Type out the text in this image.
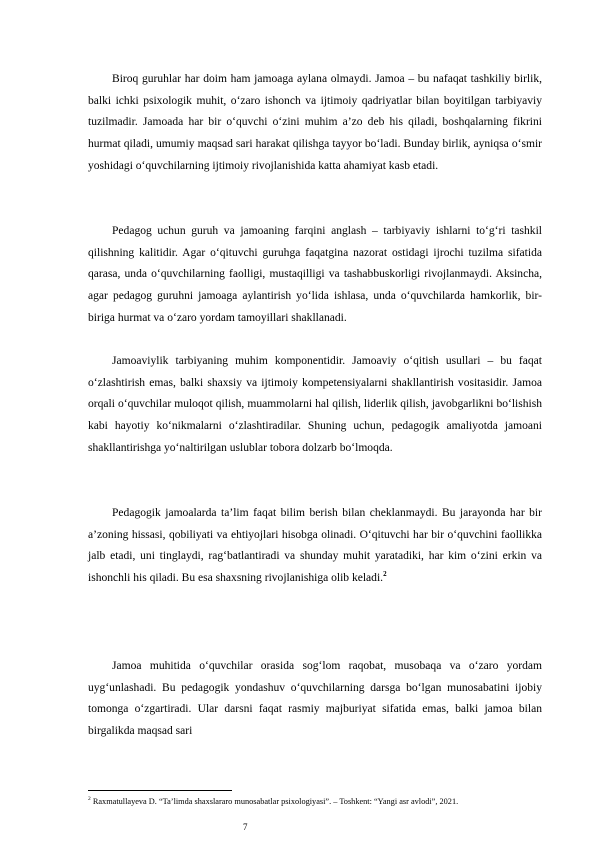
Biroq guruhlar har doim ham jamoaga aylana olmaydi. Jamoa – bu nafaqat tashkiliy birlik, balki ichki psixologik muhit, o‘zaro ishonch va ijtimoiy qadriyatlar bilan boyitilgan tarbiyaviy tuzilmadir. Jamoada har bir o‘quvchi o‘zini muhim a’zo deb his qiladi, boshqalarning fikrini hurmat qiladi, umumiy maqsad sari harakat qilishga tayyor bo‘ladi. Bunday birlik, ayniqsa o‘smir yoshidagi o‘quvchilarning ijtimoiy rivojlanishida katta ahamiyat kasb etadi.

Pedagog uchun guruh va jamoaning farqini anglash – tarbiyaviy ishlarni to‘g‘ri tashkil qilishning kalitidir. Agar o‘qituvchi guruhga faqatgina nazorat ostidagi ijrochi tuzilma sifatida qarasa, unda o‘quvchilarning faolligi, mustaqilligi va tashabbuskorligi rivojlanmaydi. Aksincha, agar pedagog guruhni jamoaga aylantirish yo‘lida ishlasa, unda o‘quvchilarda hamkorlik, bir-biriga hurmat va o‘zaro yordam tamoyillari shakllanadi.

Jamoaviylik tarbiyaning muhim komponentidir. Jamoaviy o‘qitish usullari – bu faqat o‘zlashtirish emas, balki shaxsiy va ijtimoiy kompetensiyalarni shakllantirish vositasidir. Jamoa orqali o‘quvchilar muloqot qilish, muammolarni hal qilish, liderlik qilish, javobgarlikni bo‘lishish kabi hayotiy ko‘nikmalarni o‘zlashtiradilar. Shuning uchun, pedagogik amaliyotda jamoani shakllantirishga yo‘naltirilgan uslublar tobora dolzarb bo‘lmoqda.

Pedagogik jamoalarda ta’lim faqat bilim berish bilan cheklanmaydi. Bu jarayonda har bir a’zoning hissasi, qobiliyati va ehtiyojlari hisobga olinadi. O‘qituvchi har bir o‘quvchini faollikka jalb etadi, uni tinglaydi, rag‘batlantiradi va shunday muhit yaratadiki, har kim o‘zini erkin va ishonchli his qiladi. Bu esa shaxsning rivojlanishiga olib keladi.$^2$

Jamoa muhitida o‘quvchilar orasida sog‘lom raqobat, musobaqa va o‘zaro yordam uyg‘unlashadi. Bu pedagogik yondashuv o‘quvchilarning darsga bo‘lgan munosabatini ijobiy tomonga o‘zgartiradi. Ular darsni faqat rasmiy majburiyat sifatida emas, balki jamoa bilan birgalikda maqsad sari

$^2$ Raxmatullayeva D. “Ta’limda shaxslararo munosabatlar psixologiyasi”. – Toshkent: “Yangi asr avlodi”, 2021.

7
